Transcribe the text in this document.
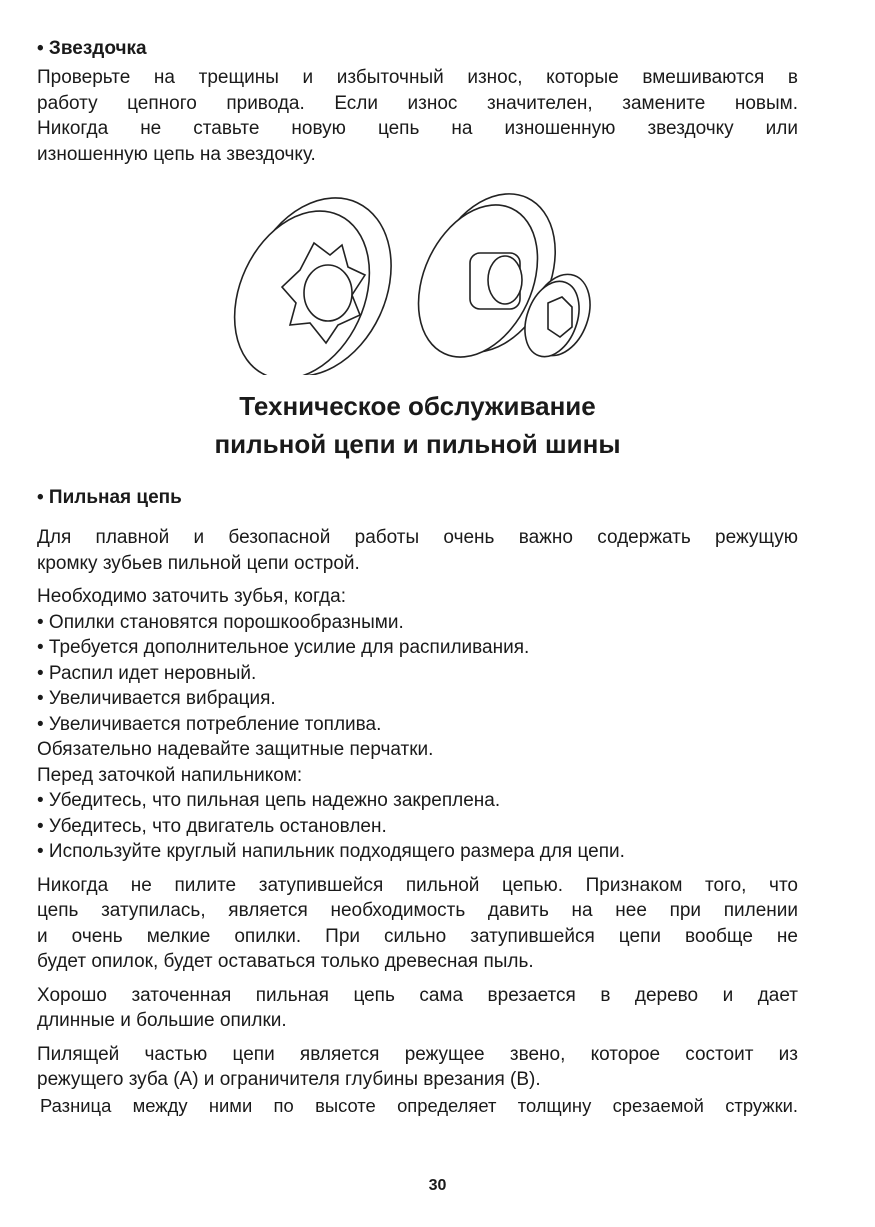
• Звездочка
Проверьте на трещины и избыточный износ, которые вмешиваются в
работу цепного привода. Если износ значителен, замените новым.
Никогда не ставьте новую цепь на изношенную звездочку или
изношенную цепь на звездочку.
Техническое обслуживание
пильной цепи и пильной шины
• Пильная цепь
Для плавной и безопасной работы очень важно содержать режущую
кромку зубьев пильной цепи острой.
Необходимо заточить зубья, когда:
• Опилки становятся порошкообразными.
• Требуется дополнительное усилие для распиливания.
• Распил идет неровный.
• Увеличивается вибрация.
• Увеличивается потребление топлива.
Обязательно надевайте защитные перчатки.
Перед заточкой напильником:
• Убедитесь, что пильная цепь надежно закреплена.
• Убедитесь, что двигатель остановлен.
• Используйте круглый напильник подходящего размера для цепи.
Никогда не пилите затупившейся пильной цепью. Признаком того, что
цепь затупилась, является необходимость давить на нее при пилении
и очень мелкие опилки. При сильно затупившейся цепи вообще не
будет опилок, будет оставаться только древесная пыль.
Хорошо заточенная пильная цепь сама врезается в дерево и дает
длинные и большие опилки.
Пилящей частью цепи является режущее звено, которое состоит из
режущего зуба (A) и ограничителя глубины врезания (B).
Разница между ними по высоте определяет толщину срезаемой стружки.
30
